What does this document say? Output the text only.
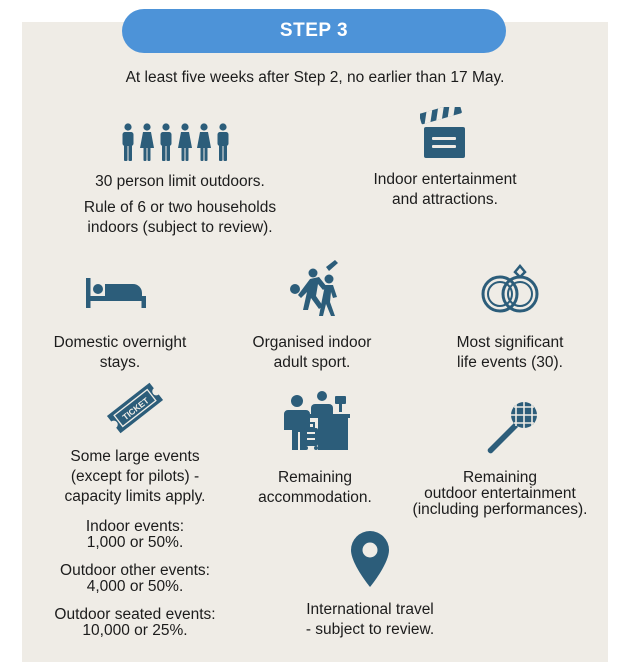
STEP 3
At least five weeks after Step 2, no earlier than 17 May.
30 person limit outdoors.
Rule of 6 or two households
indoors (subject to review).
Indoor entertainment
and attractions.
Domestic overnight
stays.
Organised indoor
adult sport.
Most significant
life events (30).
TICKET
Some large events
(except for pilots) -
capacity limits apply.
Indoor events:
1,000 or 50%.
Outdoor other events:
4,000 or 50%.
Outdoor seated events:
10,000 or 25%.
Remaining
accommodation.
Remaining
outdoor entertainment
(including performances).
International travel
- subject to review.
